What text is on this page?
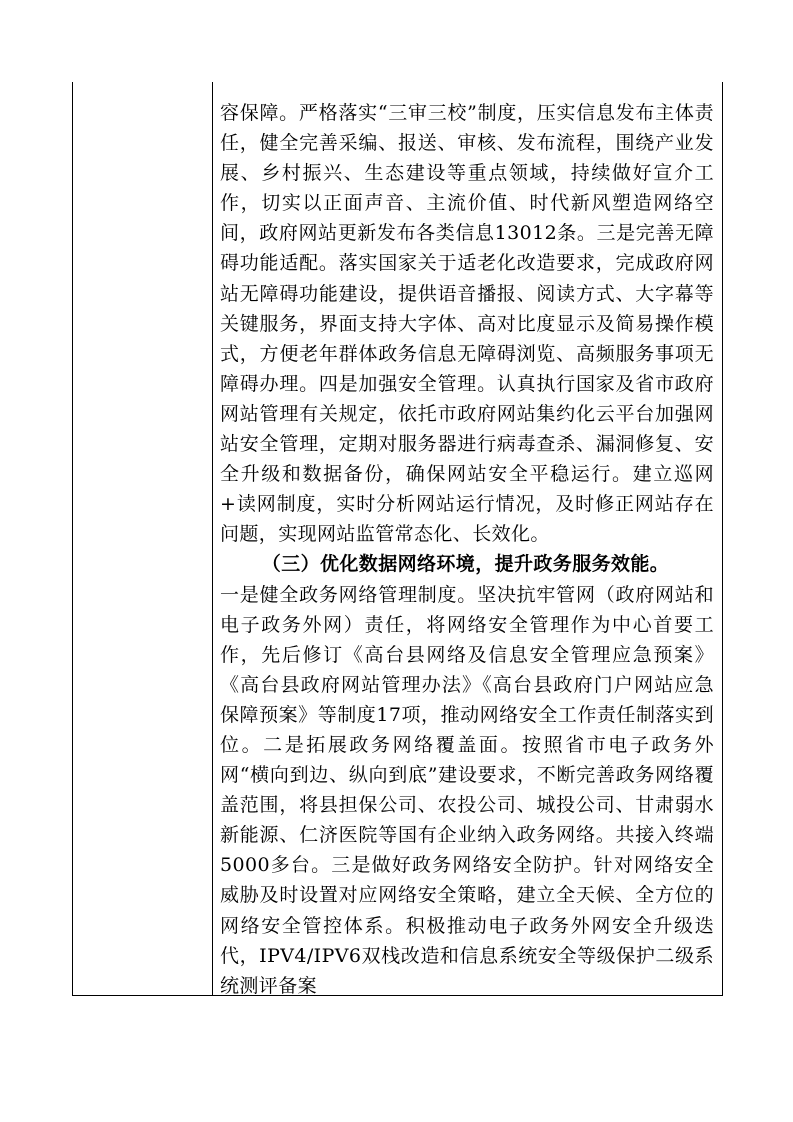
容保障。严格落实“三审三校”制度，压实信息发布主体责任，健全完善采编、报送、审核、发布流程，围绕产业发展、乡村振兴、生态建设等重点领域，持续做好宣介工作，切实以正面声音、主流价值、时代新风塑造网络空间，政府网站更新发布各类信息13012条。三是完善无障碍功能适配。落实国家关于适老化改造要求，完成政府网站无障碍功能建设，提供语音播报、阅读方式、大字幕等关键服务，界面支持大字体、高对比度显示及简易操作模式，方便老年群体政务信息无障碍浏览、高频服务事项无障碍办理。四是加强安全管理。认真执行国家及省市政府网站管理有关规定，依托市政府网站集约化云平台加强网站安全管理，定期对服务器进行病毒查杀、漏洞修复、安全升级和数据备份，确保网站安全平稳运行。建立巡网+读网制度，实时分析网站运行情况，及时修正网站存在问题，实现网站监管常态化、长效化。

（三）优化数据网络环境，提升政务服务效能。

一是健全政务网络管理制度。坚决抗牢管网（政府网站和电子政务外网）责任，将网络安全管理作为中心首要工作，先后修订《高台县网络及信息安全管理应急预案》《高台县政府网站管理办法》《高台县政府门户网站应急保障预案》等制度17项，推动网络安全工作责任制落实到位。二是拓展政务网络覆盖面。按照省市电子政务外网“横向到边、纵向到底”建设要求，不断完善政务网络覆盖范围，将县担保公司、农投公司、城投公司、甘肃弱水新能源、仁济医院等国有企业纳入政务网络。共接入终端5000多台。三是做好政务网络安全防护。针对网络安全威胁及时设置对应网络安全策略，建立全天候、全方位的网络安全管控体系。积极推动电子政务外网安全升级迭代，IPV4/IPV6双栈改造和信息系统安全等级保护二级系统测评备案
